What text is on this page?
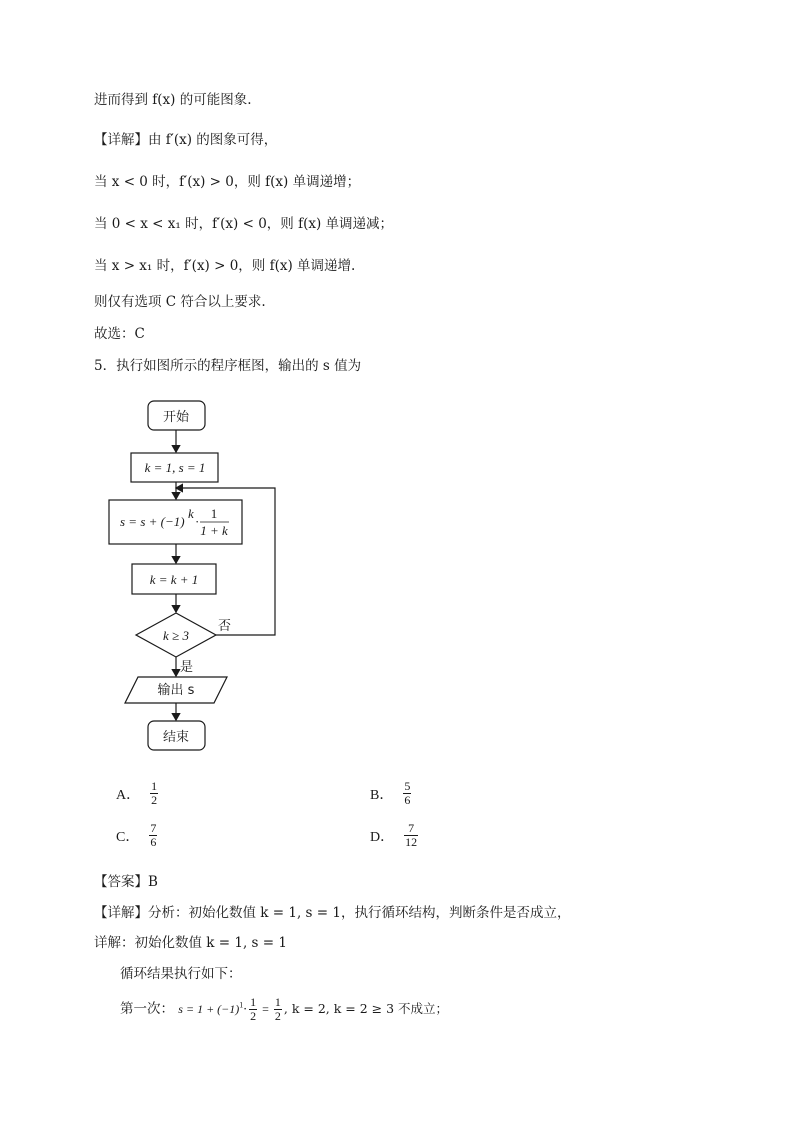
进而得到 f(x) 的可能图象.
【详解】由 f′(x) 的图象可得，
当 x < 0 时，f′(x) > 0，则 f(x) 单调递增；
当 0 < x < x₁ 时，f′(x) < 0，则 f(x) 单调递减；
当 x > x₁ 时，f′(x) > 0，则 f(x) 单调递增.
则仅有选项 C 符合以上要求.
故选：C
5．执行如图所示的程序框图，输出的 s 值为
开始
k = 1, s = 1
s = s + (−1)
k
·
1
1 + k
k = k + 1
k ≥ 3
否
是
输出 s
结束
A． $\frac{1}{2}$	B． $\frac{5}{6}$
C． $\frac{7}{6}$	D． $\frac{7}{12}$
【答案】B
【详解】分析：初始化数值 k = 1, s = 1，执行循环结构，判断条件是否成立，
详解：初始化数值 k = 1, s = 1
循环结果执行如下：
第一次： $s = 1 + (-1)^1\cdot \frac{1}{2} = \frac{1}{2}$ , k = 2, k = 2 ≥ 3 不成立；
